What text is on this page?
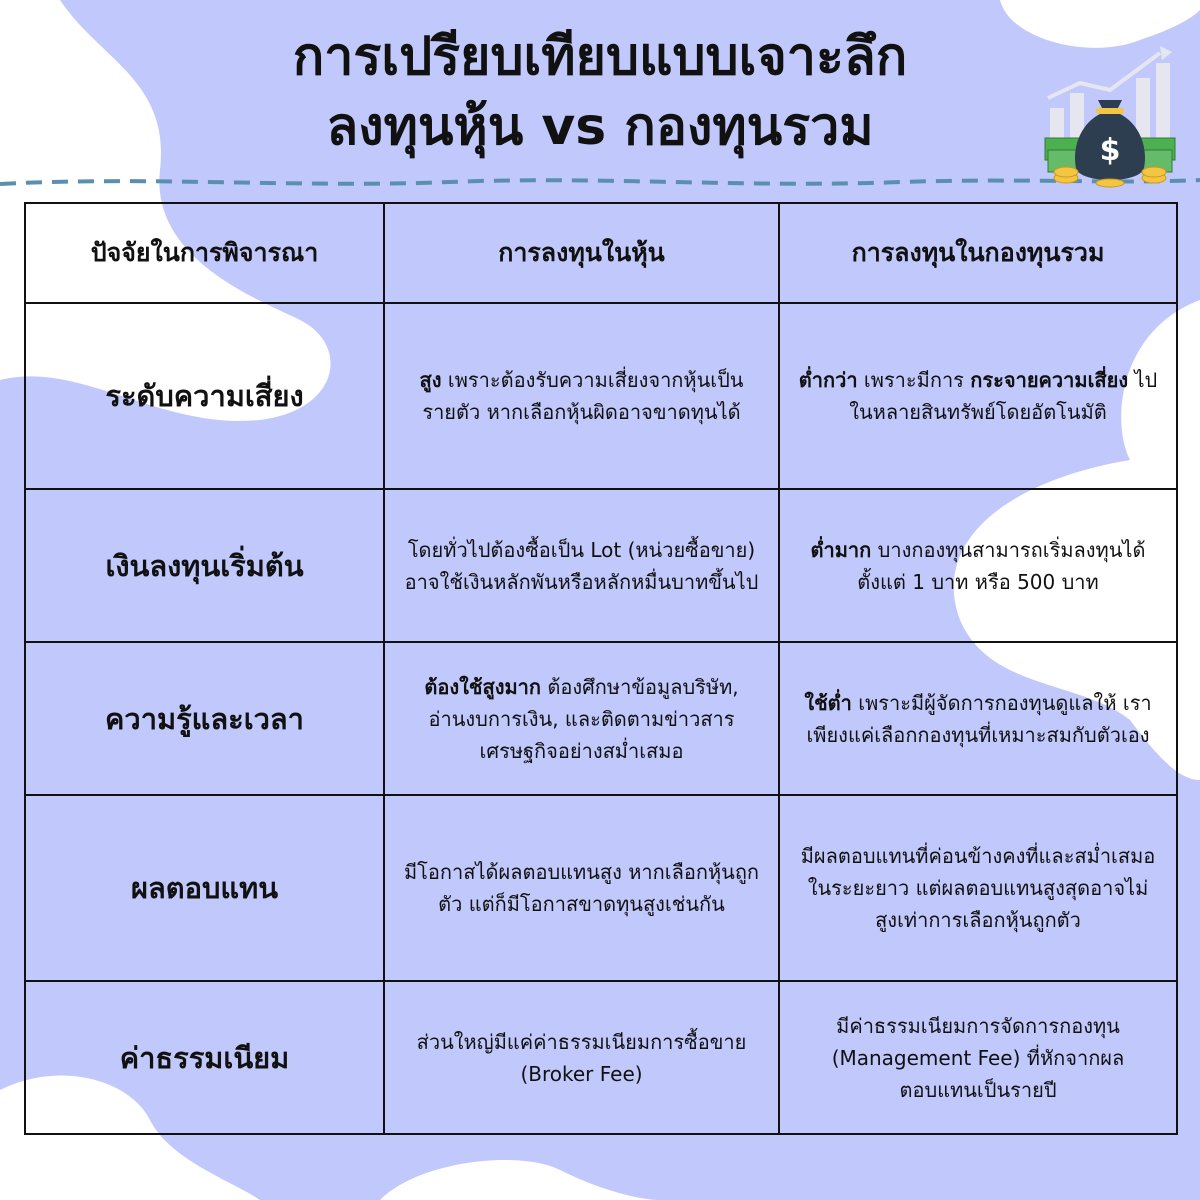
การเปรียบเทียบแบบเจาะลึก
ลงทุนหุ้น vs กองทุนรวม	$
ปัจจัยในการพิจารณา	การลงทุนในหุ้น	การลงทุนในกองทุนรวม
ระดับความเสี่ยง	สูง เพราะต้องรับความเสี่ยงจากหุ้นเป็นรายตัว หากเลือกหุ้นผิดอาจขาดทุนได้	ต่ำกว่า เพราะมีการ กระจายความเสี่ยง ไปในหลายสินทรัพย์โดยอัตโนมัติ
เงินลงทุนเริ่มต้น	โดยทั่วไปต้องซื้อเป็น Lot (หน่วยซื้อขาย) อาจใช้เงินหลักพันหรือหลักหมื่นบาทขึ้นไป	ต่ำมาก บางกองทุนสามารถเริ่มลงทุนได้ตั้งแต่ 1 บาท หรือ 500 บาท
ความรู้และเวลา	ต้องใช้สูงมาก ต้องศึกษาข้อมูลบริษัท, อ่านงบการเงิน, และติดตามข่าวสารเศรษฐกิจอย่างสม่ำเสมอ	ใช้ต่ำ เพราะมีผู้จัดการกองทุนดูแลให้ เราเพียงแค่เลือกกองทุนที่เหมาะสมกับตัวเอง
ผลตอบแทน	มีโอกาสได้ผลตอบแทนสูง หากเลือกหุ้นถูกตัว แต่ก็มีโอกาสขาดทุนสูงเช่นกัน	มีผลตอบแทนที่ค่อนข้างคงที่และสม่ำเสมอในระยะยาว แต่ผลตอบแทนสูงสุดอาจไม่สูงเท่าการเลือกหุ้นถูกตัว
ค่าธรรมเนียม	ส่วนใหญ่มีแค่ค่าธรรมเนียมการซื้อขาย (Broker Fee)	มีค่าธรรมเนียมการจัดการกองทุน (Management Fee) ที่หักจากผลตอบแทนเป็นรายปี
